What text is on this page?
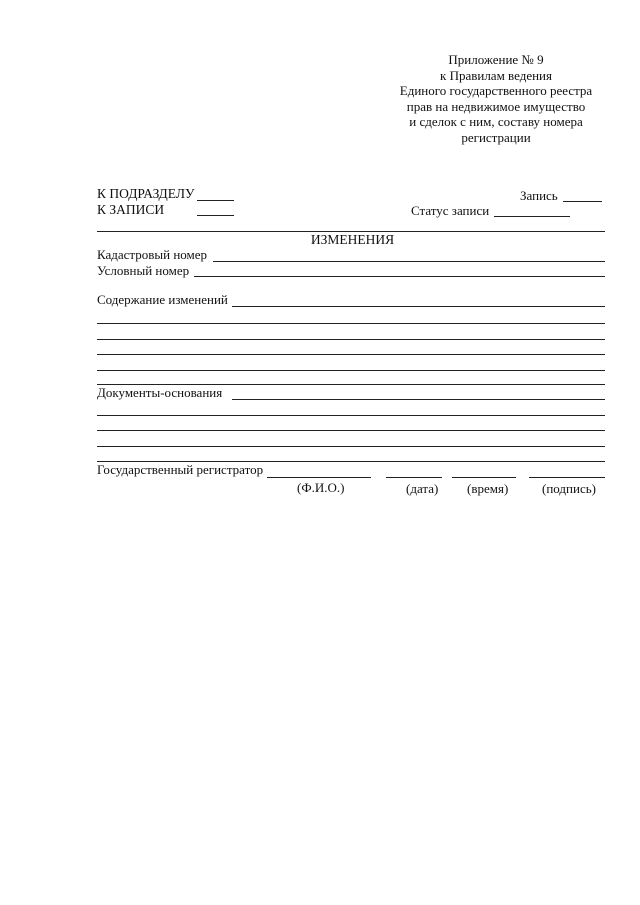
Приложение № 9
к Правилам ведения
Единого государственного реестра
прав на недвижимое имущество
и сделок с ним, составу номера
регистрации
К ПОДРАЗДЕЛУ
К ЗАПИСИ
Запись
Статус записи
ИЗМЕНЕНИЯ
Кадастровый номер
Условный номер
Содержание изменений
Документы-основания
Государственный регистратор
(Ф.И.О.)	(дата) (время)	(подпись)
